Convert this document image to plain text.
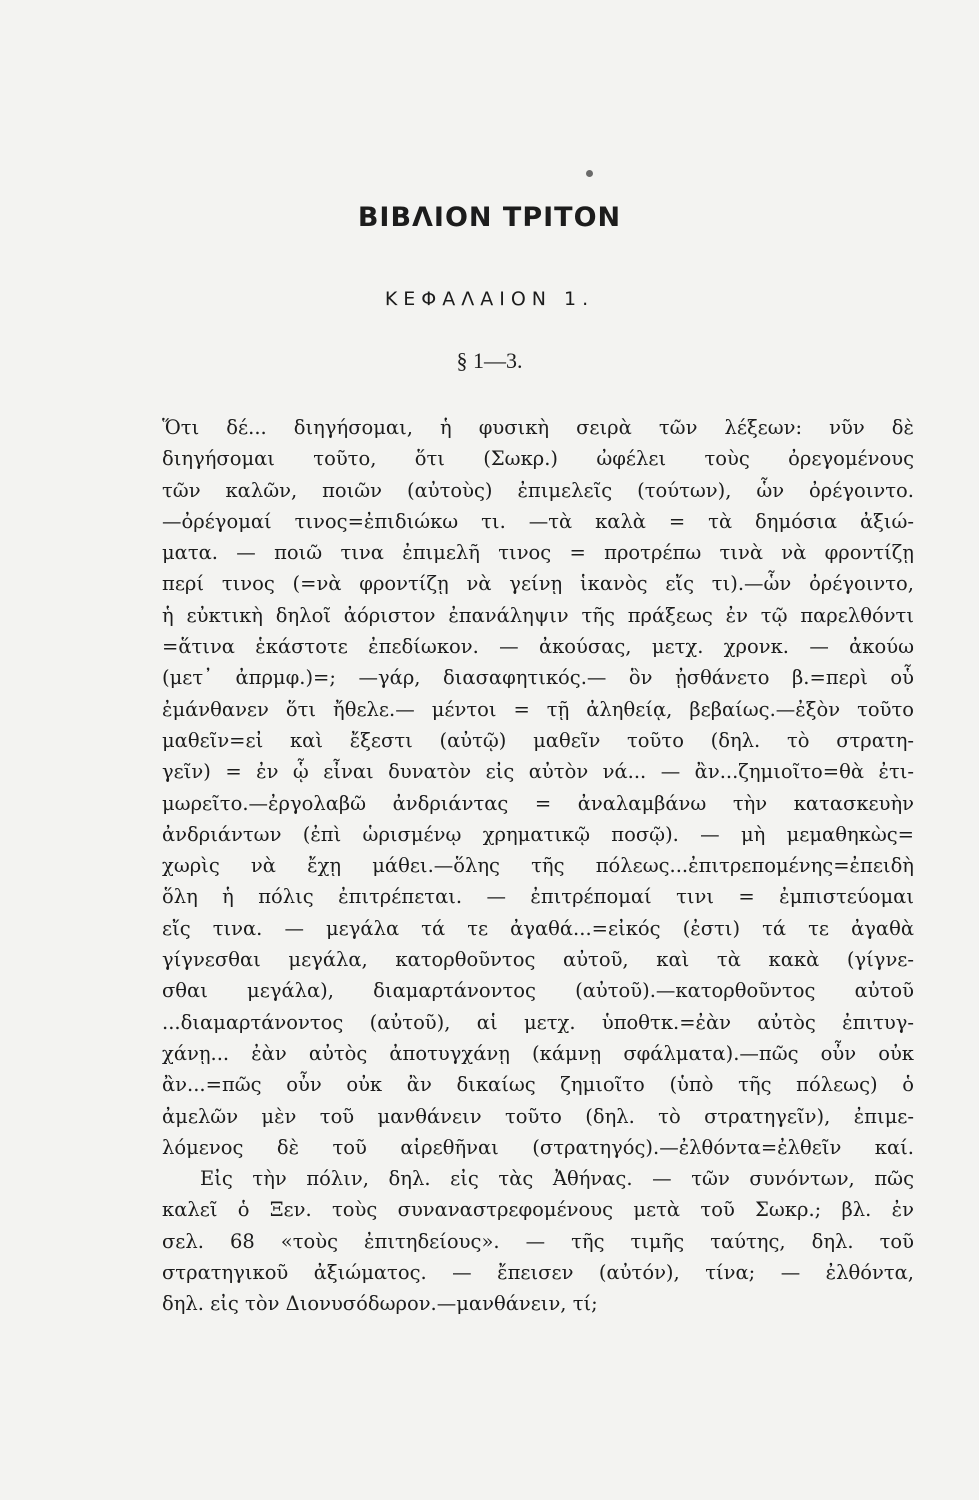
ΒΙΒΛΙΟΝ ΤΡΙΤΟΝ
ΚΕΦΑΛΑΙΟΝ 1.
§ 1—3.
Ὅτι δέ... διηγήσομαι, ἡ φυσικὴ σειρὰ τῶν λέξεων: νῦν δὲ
διηγήσομαι τοῦτο, ὅτι (Σωκρ.) ὠφέλει τοὺς ὀρεγομένους
τῶν καλῶν, ποιῶν (αὐτοὺς) ἐπιμελεῖς (τούτων), ὧν ὀρέγοιντο.
—ὀρέγομαί τινος=ἐπιδιώκω τι. —τὰ καλὰ = τὰ δημόσια ἀξιώ-
ματα. — ποιῶ τινα ἐπιμελῆ τινος = προτρέπω τινὰ νὰ φροντίζῃ
περί τινος (=νὰ φροντίζῃ νὰ γείνῃ ἱκανὸς εἴς τι).—ὧν ὀρέγοιντο,
ἡ εὐκτικὴ δηλοῖ ἀόριστον ἐπανάληψιν τῆς πράξεως ἐν τῷ παρελθόντι
=ἅτινα ἑκάστοτε ἐπεδίωκον. — ἀκούσας, μετχ. χρονκ. — ἀκούω
(μετ᾽ ἀπρμφ.)=; —γάρ, διασαφητικός.— ὃν ᾐσθάνετο β.=περὶ οὗ
ἐμάνθανεν ὅτι ἤθελε.— μέντοι = τῇ ἀληθείᾳ, βεβαίως.—ἐξὸν τοῦτο
μαθεῖν=εἰ καὶ ἔξεστι (αὐτῷ) μαθεῖν τοῦτο (δηλ. τὸ στρατη-
γεῖν) = ἐν ᾧ εἶναι δυνατὸν εἰς αὐτὸν νά... — ἂν...ζημιοῖτο=θὰ ἐτι-
μωρεῖτο.—ἐργολαβῶ ἀνδριάντας = ἀναλαμβάνω τὴν κατασκευὴν
ἀνδριάντων (ἐπὶ ὡρισμένῳ χρηματικῷ ποσῷ). — μὴ μεμαθηκὼς=
χωρὶς νὰ ἔχῃ μάθει.—ὅλης τῆς πόλεως...ἐπιτρεπομένης=ἐπειδὴ
ὅλη ἡ πόλις ἐπιτρέπεται. — ἐπιτρέπομαί τινι = ἐμπιστεύομαι
εἴς τινα. — μεγάλα τά τε ἀγαθά...=εἰκός (ἐστι) τά τε ἀγαθὰ
γίγνεσθαι μεγάλα, κατορθοῦντος αὐτοῦ, καὶ τὰ κακὰ (γίγνε-
σθαι μεγάλα), διαμαρτάνοντος (αὐτοῦ).—κατορθοῦντος αὐτοῦ
...διαμαρτάνοντος (αὐτοῦ), αἱ μετχ. ὑποθτκ.=ἐὰν αὐτὸς ἐπιτυγ-
χάνῃ... ἐὰν αὐτὸς ἀποτυγχάνῃ (κάμνῃ σφάλματα).—πῶς οὖν οὐκ
ἂν...=πῶς οὖν οὐκ ἂν δικαίως ζημιοῖτο (ὑπὸ τῆς πόλεως) ὁ
ἀμελῶν μὲν τοῦ μανθάνειν τοῦτο (δηλ. τὸ στρατηγεῖν), ἐπιμε-
λόμενος δὲ τοῦ αἱρεθῆναι (στρατηγός).—ἐλθόντα=ἐλθεῖν καί.
Εἰς τὴν πόλιν, δηλ. εἰς τὰς Ἀθήνας. — τῶν συνόντων, πῶς
καλεῖ ὁ Ξεν. τοὺς συναναστρεφομένους μετὰ τοῦ Σωκρ.; βλ. ἐν
σελ. 68 «τοὺς ἐπιτηδείους». — τῆς τιμῆς ταύτης, δηλ. τοῦ
στρατηγικοῦ ἀξιώματος. — ἔπεισεν (αὐτόν), τίνα; — ἐλθόντα,
δηλ. εἰς τὸν Διονυσόδωρον.—μανθάνειν, τί;
